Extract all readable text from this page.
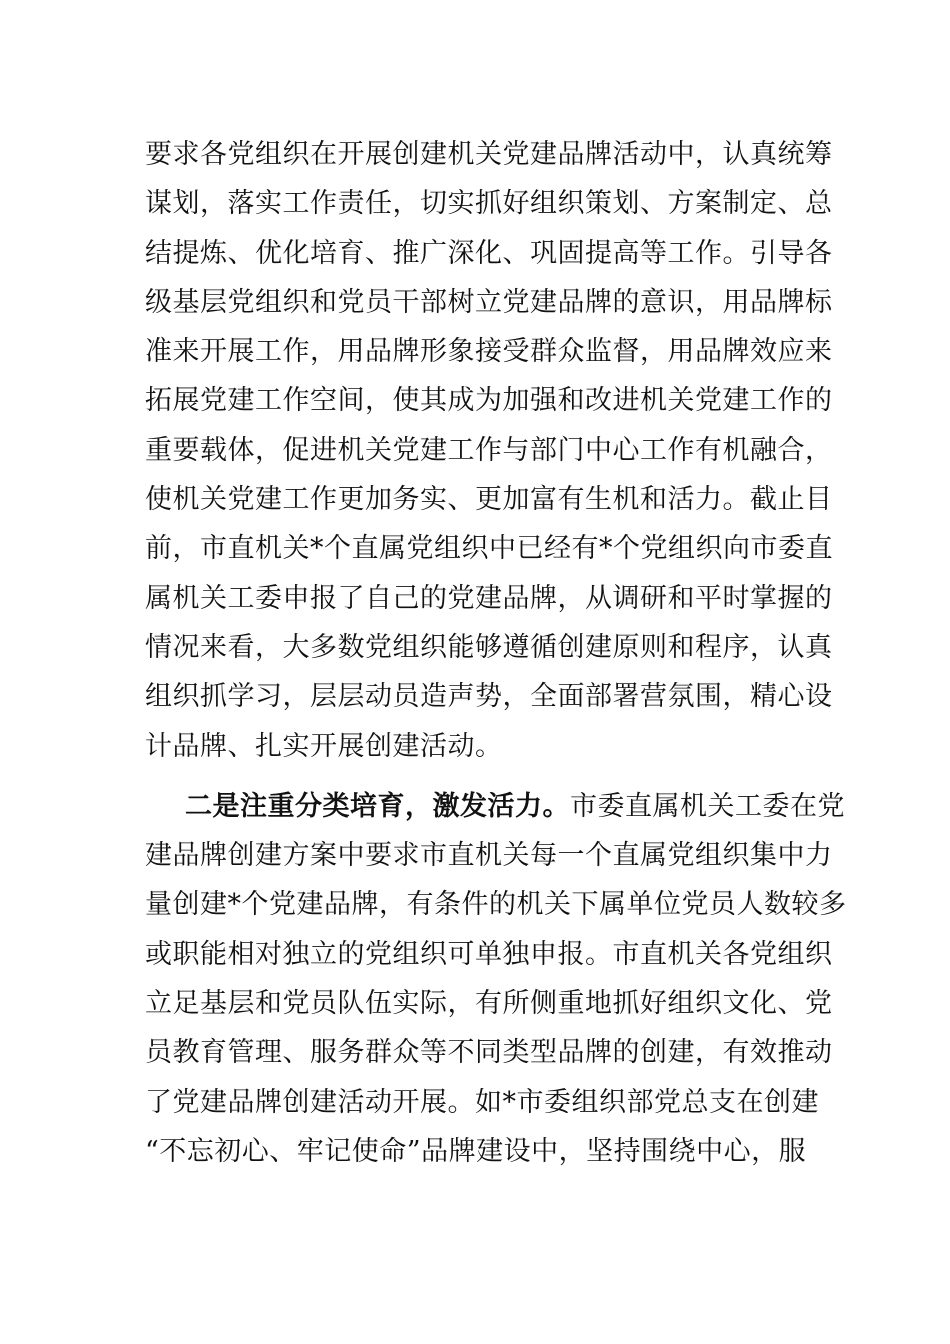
要求各党组织在开展创建机关党建品牌活动中，认真统筹
谋划，落实工作责任，切实抓好组织策划、方案制定、总
结提炼、优化培育、推广深化、巩固提高等工作。引导各
级基层党组织和党员干部树立党建品牌的意识，用品牌标
准来开展工作，用品牌形象接受群众监督，用品牌效应来
拓展党建工作空间，使其成为加强和改进机关党建工作的
重要载体，促进机关党建工作与部门中心工作有机融合，
使机关党建工作更加务实、更加富有生机和活力。截止目
前，市直机关*个直属党组织中已经有*个党组织向市委直
属机关工委申报了自己的党建品牌，从调研和平时掌握的
情况来看，大多数党组织能够遵循创建原则和程序，认真
组织抓学习，层层动员造声势，全面部署营氛围，精心设
计品牌、扎实开展创建活动。
二是注重分类培育，激发活力。市委直属机关工委在党
建品牌创建方案中要求市直机关每一个直属党组织集中力
量创建*个党建品牌，有条件的机关下属单位党员人数较多
或职能相对独立的党组织可单独申报。市直机关各党组织
立足基层和党员队伍实际，有所侧重地抓好组织文化、党
员教育管理、服务群众等不同类型品牌的创建，有效推动
了党建品牌创建活动开展。如*市委组织部党总支在创建
“不忘初心、牢记使命”品牌建设中，坚持围绕中心，服
